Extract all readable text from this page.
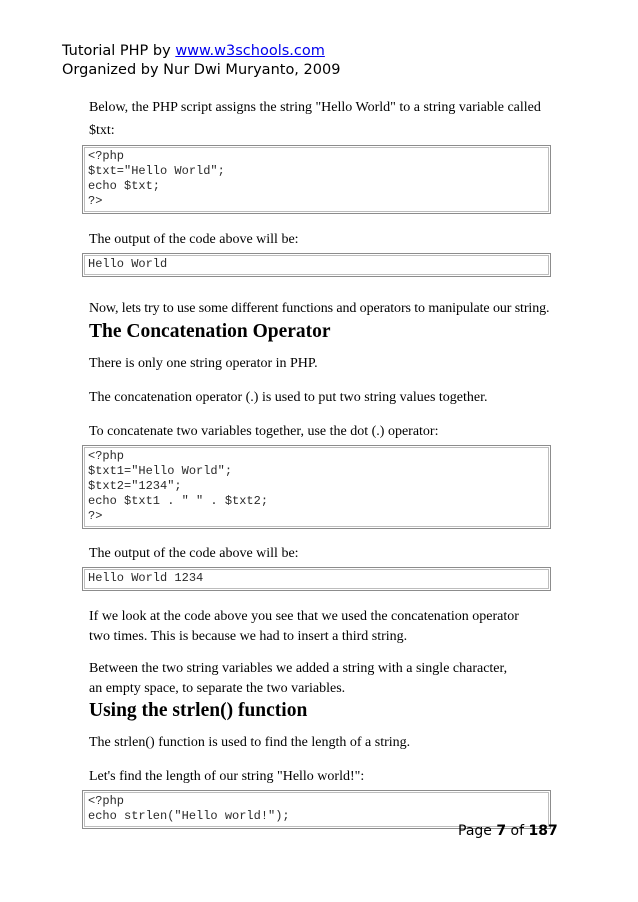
Tutorial PHP by www.w3schools.com
Organized by Nur Dwi Muryanto, 2009

Below, the PHP script assigns the string "Hello World" to a string variable called $txt:

<?php
$txt="Hello World";
echo $txt;
?>

The output of the code above will be:

Hello World

Now, lets try to use some different functions and operators to manipulate our string.

The Concatenation Operator

There is only one string operator in PHP.

The concatenation operator (.) is used to put two string values together.

To concatenate two variables together, use the dot (.) operator:

<?php
$txt1="Hello World";
$txt2="1234";
echo $txt1 . " " . $txt2;
?>

The output of the code above will be:

Hello World 1234

If we look at the code above you see that we used the concatenation operator two times. This is because we had to insert a third string.

Between the two string variables we added a string with a single character, an empty space, to separate the two variables.

Using the strlen() function

The strlen() function is used to find the length of a string.

Let's find the length of our string "Hello world!":

<?php
echo strlen("Hello world!");
Page 7 of 187
